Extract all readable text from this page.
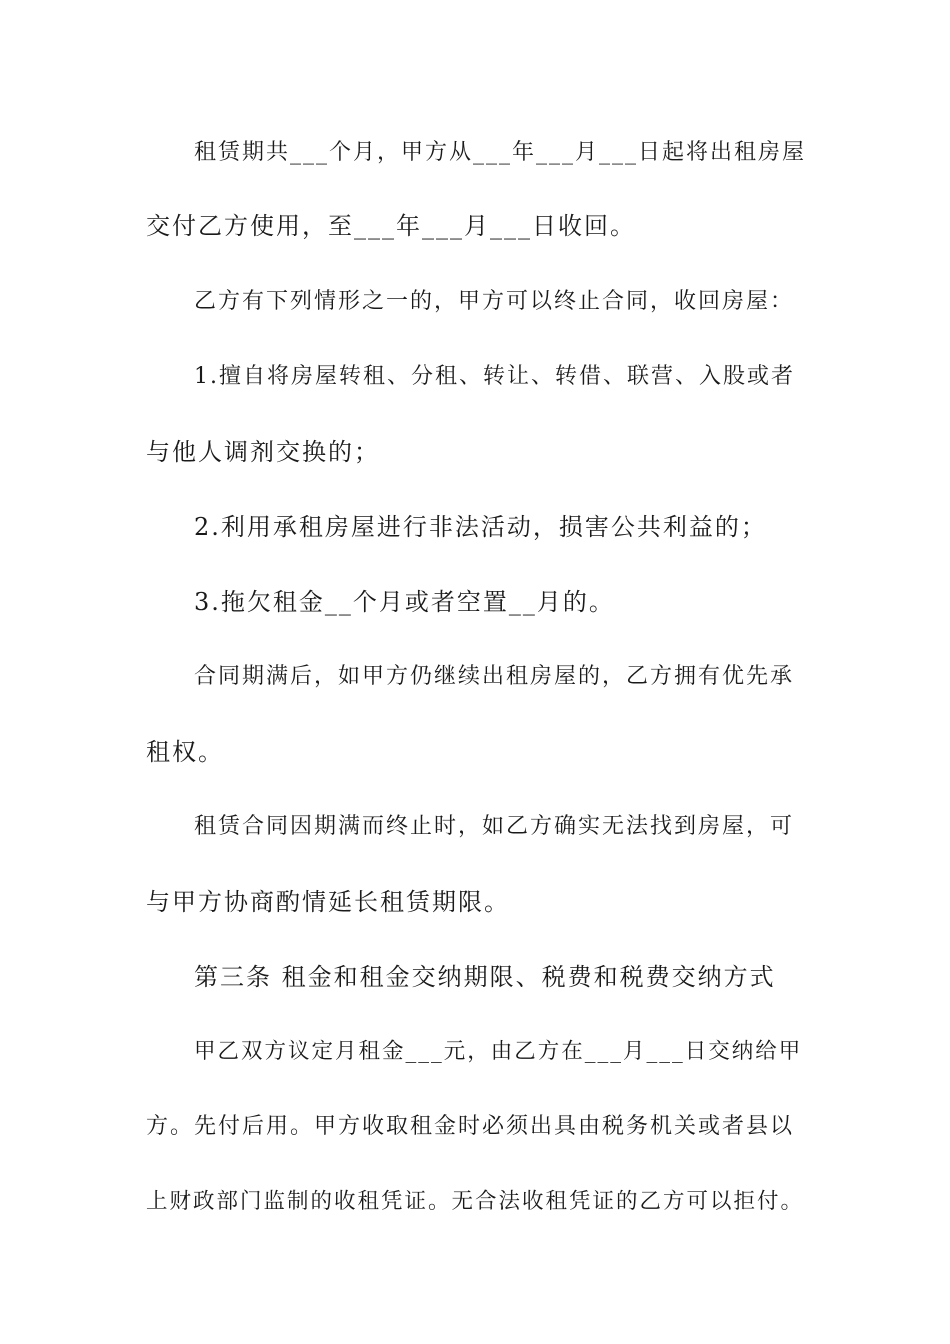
租赁期共___个月，甲方从___年___月___日起将出租房屋
交付乙方使用，至___年___月___日收回。
乙方有下列情形之一的，甲方可以终止合同，收回房屋：
1.擅自将房屋转租、分租、转让、转借、联营、入股或者
与他人调剂交换的；
2.利用承租房屋进行非法活动，损害公共利益的；
3.拖欠租金__个月或者空置__月的。
合同期满后，如甲方仍继续出租房屋的，乙方拥有优先承
租权。
租赁合同因期满而终止时，如乙方确实无法找到房屋，可
与甲方协商酌情延长租赁期限。
第三条 租金和租金交纳期限、税费和税费交纳方式
甲乙双方议定月租金___元，由乙方在___月___日交纳给甲
方。先付后用。甲方收取租金时必须出具由税务机关或者县以
上财政部门监制的收租凭证。无合法收租凭证的乙方可以拒付。
